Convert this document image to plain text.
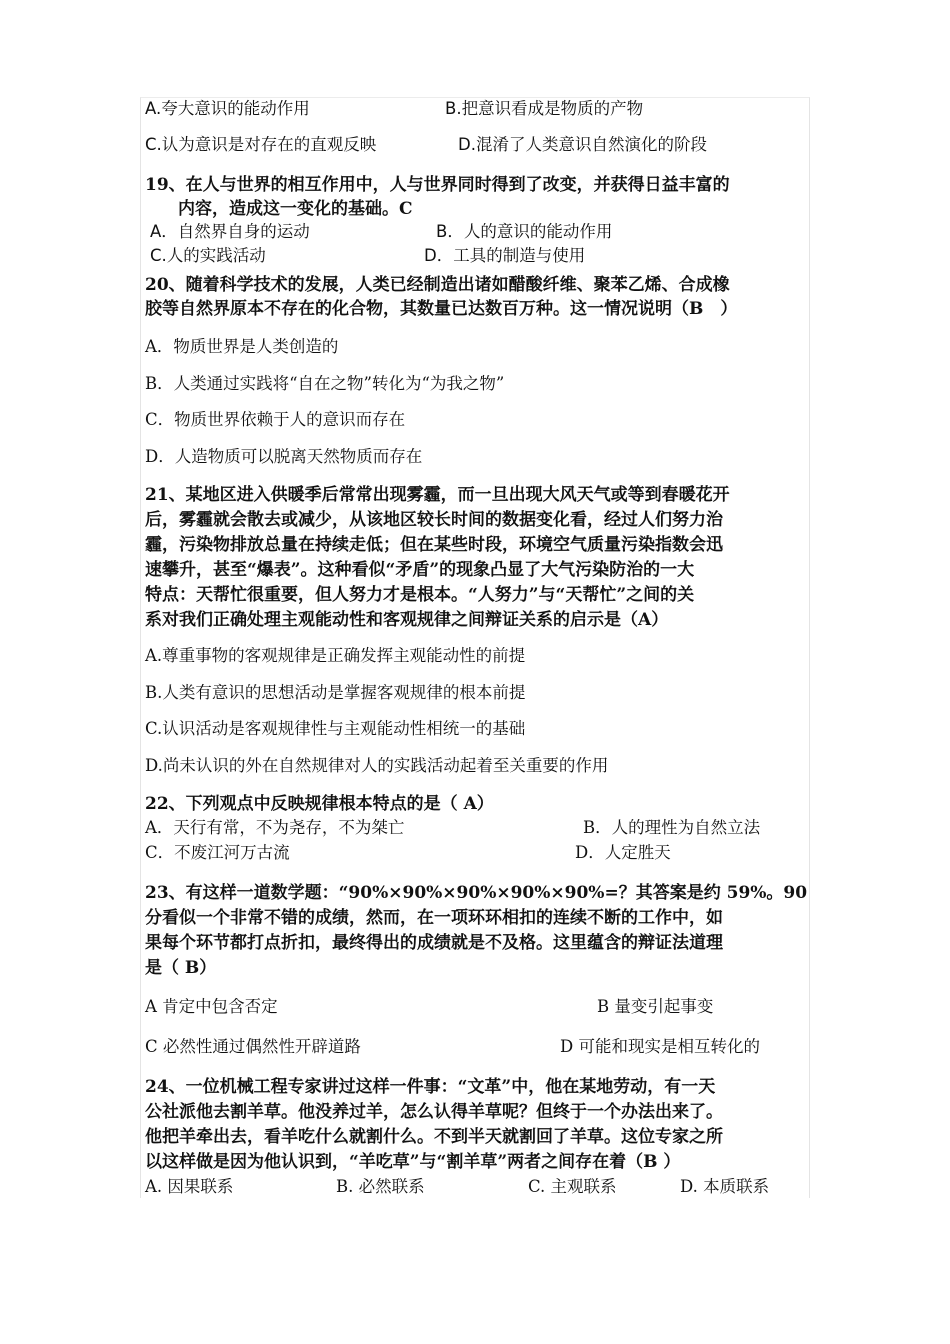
A.夸大意识的能动作用	B.把意识看成是物质的产物
C.认为意识是对存在的直观反映	D.混淆了人类意识自然演化的阶段
19、在人与世界的相互作用中，人与世界同时得到了改变，并获得日益丰富的
内容，造成这一变化的基础。C
A．自然界自身的运动	B．人的意识的能动作用
C.人的实践活动	D．工具的制造与使用
20、随着科学技术的发展，人类已经制造出诸如醋酸纤维、聚苯乙烯、合成橡
胶等自然界原本不存在的化合物，其数量已达数百万种。这一情况说明（B　）
A．物质世界是人类创造的
B．人类通过实践将“自在之物”转化为“为我之物”
C．物质世界依赖于人的意识而存在
D．人造物质可以脱离天然物质而存在
21、某地区进入供暖季后常常出现雾霾，而一旦出现大风天气或等到春暖花开
后，雾霾就会散去或减少，从该地区较长时间的数据变化看，经过人们努力治
霾，污染物排放总量在持续走低；但在某些时段，环境空气质量污染指数会迅
速攀升，甚至“爆表”。这种看似“矛盾”的现象凸显了大气污染防治的一大
特点：天帮忙很重要，但人努力才是根本。“人努力”与“天帮忙”之间的关
系对我们正确处理主观能动性和客观规律之间辩证关系的启示是（A）
A.尊重事物的客观规律是正确发挥主观能动性的前提
B.人类有意识的思想活动是掌握客观规律的根本前提
C.认识活动是客观规律性与主观能动性相统一的基础
D.尚未认识的外在自然规律对人的实践活动起着至关重要的作用
22、下列观点中反映规律根本特点的是（ A）
A．天行有常，不为尧存，不为桀亡	B．人的理性为自然立法
C．不废江河万古流	D．人定胜天
23、有这样一道数学题：“90%×90%×90%×90%×90%=？其答案是约 59%。90
分看似一个非常不错的成绩，然而，在一项环环相扣的连续不断的工作中，如
果每个环节都打点折扣，最终得出的成绩就是不及格。这里蕴含的辩证法道理
是（ B）
A 肯定中包含否定	B 量变引起事变
C 必然性通过偶然性开辟道路	D 可能和现实是相互转化的
24、一位机械工程专家讲过这样一件事：“文革”中，他在某地劳动，有一天
公社派他去割羊草。他没养过羊，怎么认得羊草呢？但终于一个办法出来了。
他把羊牵出去，看羊吃什么就割什么。不到半天就割回了羊草。这位专家之所
以这样做是因为他认识到，“羊吃草”与“割羊草”两者之间存在着（B ）
A. 因果联系	B. 必然联系	C. 主观联系	D. 本质联系
